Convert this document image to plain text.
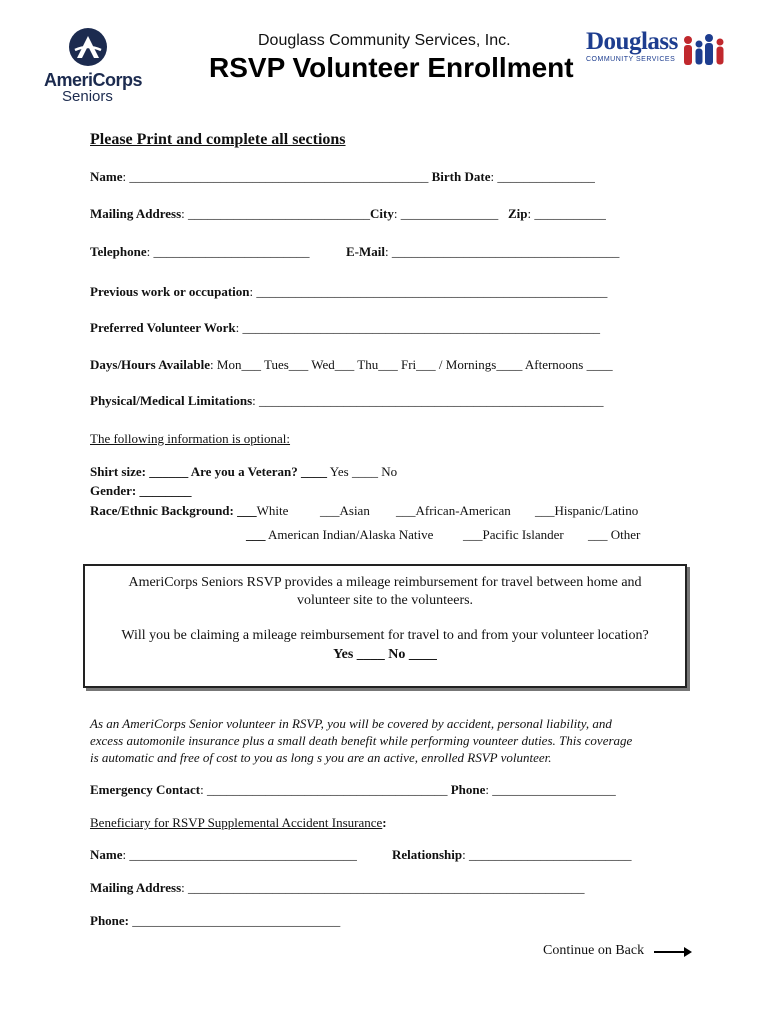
AmeriCorps
Seniors
Douglass Community Services, Inc.
RSVP Volunteer Enrollment
Douglass
COMMUNITY SERVICES
Please Print and complete all sections
Name: ______________________________________________ Birth Date: _______________
Mailing Address: ____________________________City: _______________ Zip: ___________
Telephone: ________________________	E-Mail: ___________________________________
Previous work or occupation: ______________________________________________________
Preferred Volunteer Work: _______________________________________________________
Days/Hours Available: Mon___ Tues___ Wed___ Thu___ Fri___ / Mornings____ Afternoons ____
Physical/Medical Limitations: _____________________________________________________
The following information is optional:
Shirt size: ______ Are you a Veteran? ____ Yes ____ No
Gender: ________
Race/Ethnic Background: ___White ___Asian ___African-American ___Hispanic/Latino
___ American Indian/Alaska Native ___Pacific Islander ___ Other
AmeriCorps Seniors RSVP provides a mileage reimbursement for travel between home and
volunteer site to the volunteers.
Will you be claiming a mileage reimbursement for travel to and from your volunteer location?
Yes ____ No ____
As an AmeriCorps Senior volunteer in RSVP, you will be covered by accident, personal liability, and
excess automonile insurance plus a small death benefit while performing vounteer duties. This coverage
is automatic and free of cost to you as long s you are an active, enrolled RSVP volunteer.
Emergency Contact: _____________________________________ Phone: ___________________
Beneficiary for RSVP Supplemental Accident Insurance:
Name: ___________________________________	Relationship: _________________________
Mailing Address: _____________________________________________________________
Phone: ________________________________
Continue on Back
